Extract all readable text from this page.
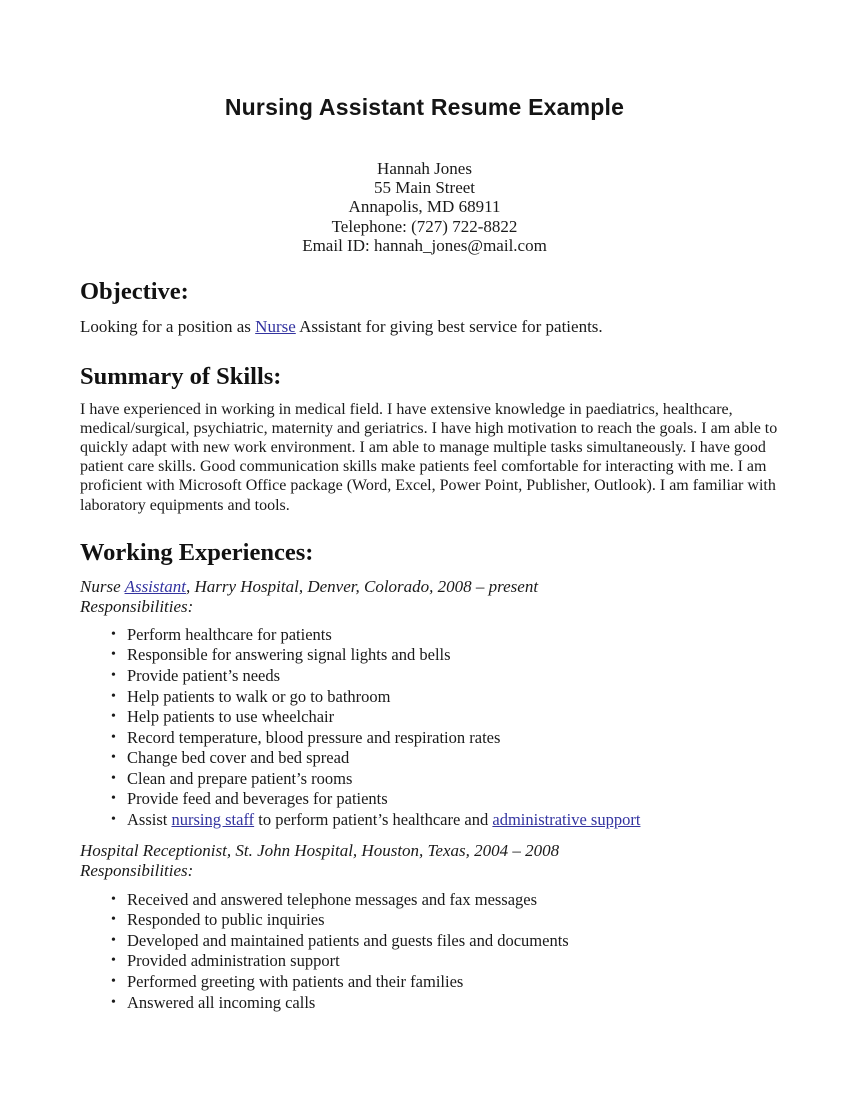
Nursing Assistant Resume Example
Hannah Jones
55 Main Street
Annapolis, MD 68911
Telephone: (727) 722-8822
Email ID: hannah_jones@mail.com
Objective:
Looking for a position as Nurse Assistant for giving best service for patients.
Summary of Skills:
I have experienced in working in medical field. I have extensive knowledge in paediatrics, healthcare, medical/surgical, psychiatric, maternity and geriatrics. I have high motivation to reach the goals. I am able to quickly adapt with new work environment. I am able to manage multiple tasks simultaneously. I have good patient care skills. Good communication skills make patients feel comfortable for interacting with me. I am proficient with Microsoft Office package (Word, Excel, Power Point, Publisher, Outlook). I am familiar with laboratory equipments and tools.
Working Experiences:
Nurse Assistant, Harry Hospital, Denver, Colorado, 2008 – present
Responsibilities:
• Perform healthcare for patients
• Responsible for answering signal lights and bells
• Provide patient’s needs
• Help patients to walk or go to bathroom
• Help patients to use wheelchair
• Record temperature, blood pressure and respiration rates
• Change bed cover and bed spread
• Clean and prepare patient’s rooms
• Provide feed and beverages for patients
• Assist nursing staff to perform patient’s healthcare and administrative support
Hospital Receptionist, St. John Hospital, Houston, Texas, 2004 – 2008
Responsibilities:
• Received and answered telephone messages and fax messages
• Responded to public inquiries
• Developed and maintained patients and guests files and documents
• Provided administration support
• Performed greeting with patients and their families
• Answered all incoming calls
